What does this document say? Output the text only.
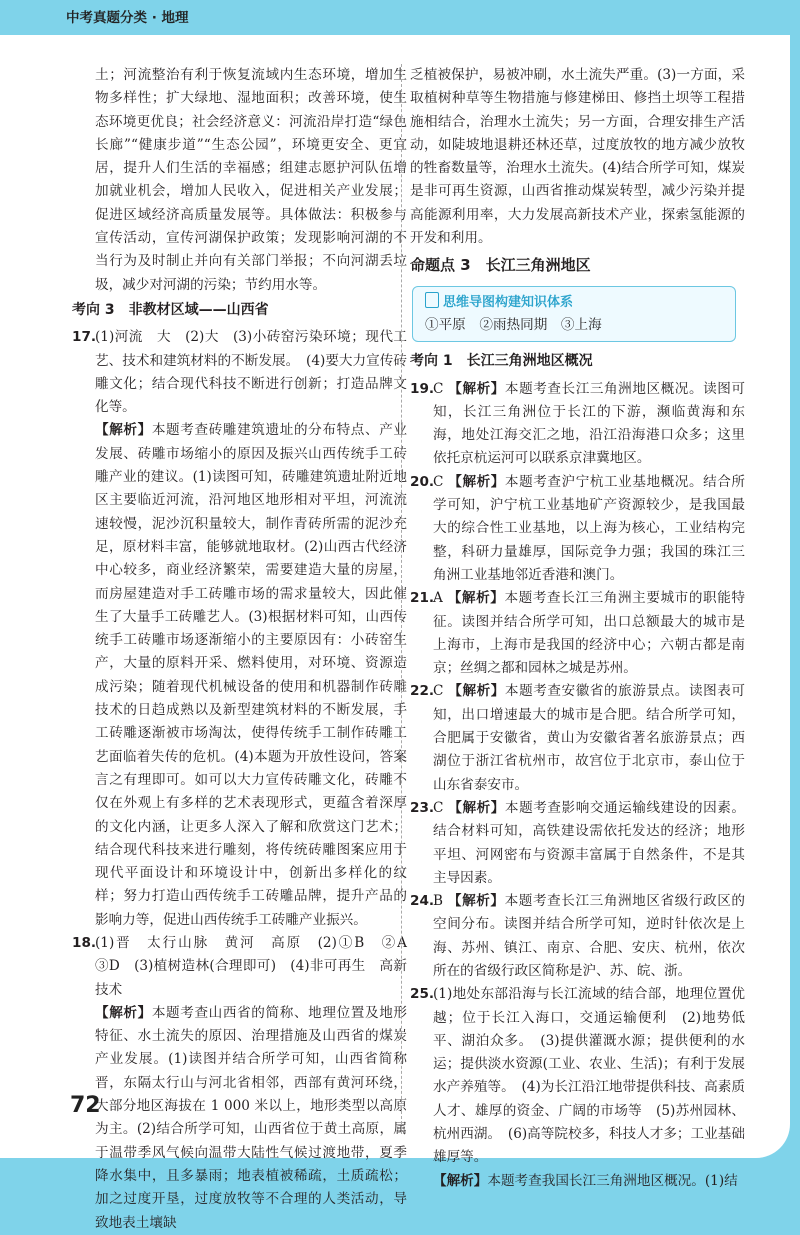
中考真题分类 · 地理

土；河流整治有利于恢复流域内生态环境，增加生物多样性；扩大绿地、湿地面积；改善环境，使生态环境更优良；社会经济意义：河流沿岸打造“绿色长廊”“健康步道”“生态公园”，环境更安全、更宜居，提升人们生活的幸福感；组建志愿护河队伍增加就业机会，增加人民收入，促进相关产业发展；促进区域经济高质量发展等。具体做法：积极参与宣传活动，宣传河湖保护政策；发现影响河湖的不当行为及时制止并向有关部门举报；不向河湖丢垃圾，减少对河湖的污染；节约用水等。

考向 3　非教材区域——山西省

17.(1)河流　大　(2)大　(3)小砖窑污染环境；现代工艺、技术和建筑材料的不断发展。　(4)要大力宣传砖雕文化；结合现代科技不断进行创新；打造品牌文化等。

【解析】本题考查砖雕建筑遗址的分布特点、产业发展、砖雕市场缩小的原因及振兴山西传统手工砖雕产业的建议。(1)读图可知，砖雕建筑遗址附近地区主要临近河流，沿河地区地形相对平坦，河流流速较慢，泥沙沉积量较大，制作青砖所需的泥沙充足，原材料丰富，能够就地取材。(2)山西古代经济中心较多，商业经济繁荣，需要建造大量的房屋，而房屋建造对手工砖雕市场的需求量较大，因此催生了大量手工砖雕艺人。(3)根据材料可知，山西传统手工砖雕市场逐渐缩小的主要原因有：小砖窑生产，大量的原料开采、燃料使用，对环境、资源造成污染；随着现代机械设备的使用和机器制作砖雕技术的日趋成熟以及新型建筑材料的不断发展，手工砖雕逐渐被市场淘汰，使得传统手工制作砖雕工艺面临着失传的危机。(4)本题为开放性设问，答案言之有理即可。如可以大力宣传砖雕文化，砖雕不仅在外观上有多样的艺术表现形式，更蕴含着深厚的文化内涵，让更多人深入了解和欣赏这门艺术；结合现代科技来进行雕刻，将传统砖雕图案应用于现代平面设计和环境设计中，创新出多样化的纹样；努力打造山西传统手工砖雕品牌，提升产品的影响力等，促进山西传统手工砖雕产业振兴。

18.(1)晋　太行山脉　黄河　高原　(2)①B　②A　③D　(3)植树造林(合理即可)　(4)非可再生　高新技术

【解析】本题考查山西省的简称、地理位置及地形特征、水土流失的原因、治理措施及山西省的煤炭产业发展。(1)读图并结合所学可知，山西省简称晋，东隔太行山与河北省相邻，西部有黄河环绕，大部分地区海拔在 1 000 米以上，地形类型以高原为主。(2)结合所学可知，山西省位于黄土高原，属于温带季风气候向温带大陆性气候过渡地带，夏季降水集中，且多暴雨；地表植被稀疏，土质疏松；加之过度开垦，过度放牧等不合理的人类活动，导致地表土壤缺

乏植被保护，易被冲刷，水土流失严重。(3)一方面，采取植树种草等生物措施与修建梯田、修挡土坝等工程措施相结合，治理水土流失；另一方面，合理安排生产活动，如陡坡地退耕还林还草，过度放牧的地方减少放牧的牲畜数量等，治理水土流失。(4)结合所学可知，煤炭是非可再生资源，山西省推动煤炭转型，减少污染并提高能源利用率，大力发展高新技术产业，探索氢能源的开发和利用。

命题点 3　长江三角洲地区

思维导图构建知识体系
①平原　②雨热同期　③上海

考向 1　长江三角洲地区概况

19.C 【解析】本题考查长江三角洲地区概况。读图可知，长江三角洲位于长江的下游，濒临黄海和东海，地处江海交汇之地，沿江沿海港口众多；这里依托京杭运河可以联系京津冀地区。

20.C 【解析】本题考查沪宁杭工业基地概况。结合所学可知，沪宁杭工业基地矿产资源较少，是我国最大的综合性工业基地，以上海为核心，工业结构完整，科研力量雄厚，国际竞争力强；我国的珠江三角洲工业基地邻近香港和澳门。

21.A 【解析】本题考查长江三角洲主要城市的职能特征。读图并结合所学可知，出口总额最大的城市是上海市，上海市是我国的经济中心；六朝古都是南京；丝绸之都和园林之城是苏州。

22.C 【解析】本题考查安徽省的旅游景点。读图表可知，出口增速最大的城市是合肥。结合所学可知，合肥属于安徽省，黄山为安徽省著名旅游景点；西湖位于浙江省杭州市，故宫位于北京市，泰山位于山东省泰安市。

23.C 【解析】本题考查影响交通运输线建设的因素。结合材料可知，高铁建设需依托发达的经济；地形平坦、河网密布与资源丰富属于自然条件，不是其主导因素。

24.B 【解析】本题考查长江三角洲地区省级行政区的空间分布。读图并结合所学可知，逆时针依次是上海、苏州、镇江、南京、合肥、安庆、杭州，依次所在的省级行政区简称是沪、苏、皖、浙。

25.(1)地处东部沿海与长江流域的结合部，地理位置优越；位于长江入海口，交通运输便利　(2)地势低平、湖泊众多。　(3)提供灌溉水源；提供便利的水运；提供淡水资源(工业、农业、生活)；有利于发展水产养殖等。　(4)为长江沿江地带提供科技、高素质人才、雄厚的资金、广阔的市场等　(5)苏州园林、杭州西湖。　(6)高等院校多，科技人才多；工业基础雄厚等。

【解析】本题考查我国长江三角洲地区概况。(1)结

72
